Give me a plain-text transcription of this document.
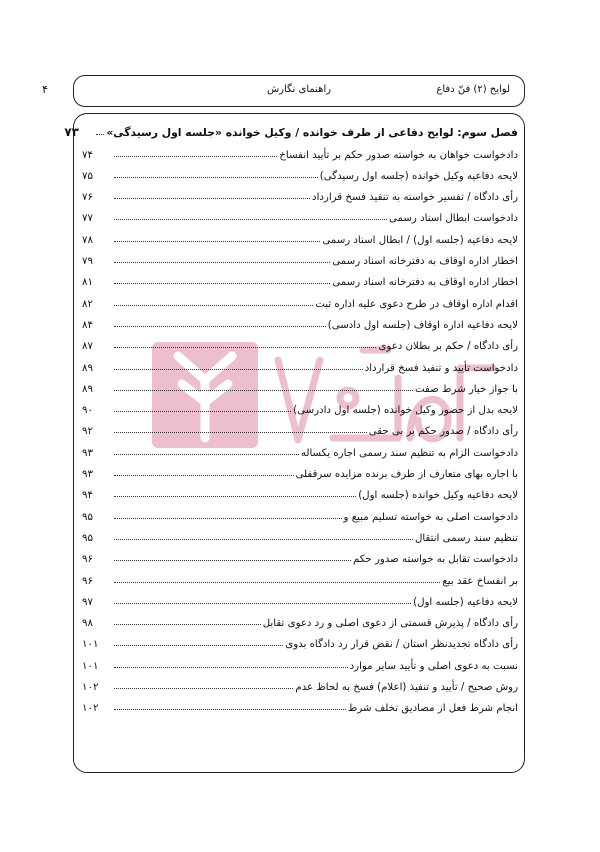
۴	لوایح (۲) فنّ دفاع
راهنمای نگارش
فصل سوم: لوایح دفاعی از طرف خوانده / وکیل خوانده «جلسه اول رسیدگی»
۷۳
دادخواست خواهان به خواسته صدور حکم بر تأیید انفساخ
۷۴
لایحه دفاعیه وکیل خوانده (جلسه اول رسیدگی)
۷۵
رأی دادگاه / تفسیر خواسته به تنفیذ فسخ قرارداد
۷۶
دادخواست ابطال اسناد رسمی
۷۷
لایحه دفاعیه (جلسه اول) / ابطال اسناد رسمی
۷۸
اخطار اداره اوقاف به دفترخانه اسناد رسمی
۷۹
اخطار اداره اوقاف به دفترخانه اسناد رسمی
۸۱
اقدام اداره اوقاف در طرح دعوی علیه اداره ثبت
۸۲
لایحه دفاعیه اداره اوقاف (جلسه اول دادسی)
۸۴
رأی دادگاه / حکم بر بطلان دعوی
۸۷
دادخواست تأیید و تنفیذ فسخ قرارداد
۸۹
با جواز خیار شرط صفت
۸۹
لایحه بدل از حضور وکیل خوانده (جلسه اول دادرسی)
۹۰
رأی دادگاه / صدور حکم بر بی حقی
۹۲
دادخواست الزام به تنظیم سند رسمی اجاره یکساله
۹۳
با اجاره بهای متعارف از طرف برنده مزایده سرقفلی
۹۳
لایحه دفاعیه وکیل خوانده (جلسه اول)
۹۴
دادخواست اصلی به خواسته تسلیم مبیع و
۹۵
تنظیم سند رسمی انتقال
۹۵
دادخواست تقابل به خواسته صدور حکم
۹۶
بر انفساخ عقد بیع
۹۶
لایحه دفاعیه (جلسه اول)
۹۷
رأی دادگاه / پذیرش قسمتی از دعوی اصلی و رد دعوی تقابل
۹۸
رأی دادگاه تجدیدنظر استان / نقض قرار رد دادگاه بدوی
۱۰۱
نسبت به دعوی اصلی و تأیید سایر موارد
۱۰۱
روش صحیح / تأیید و تنفیذ (اعلام) فسخ به لحاظ عدم
۱۰۲
انجام شرط فعل از مصادیق تخلف شرط
۱۰۲
